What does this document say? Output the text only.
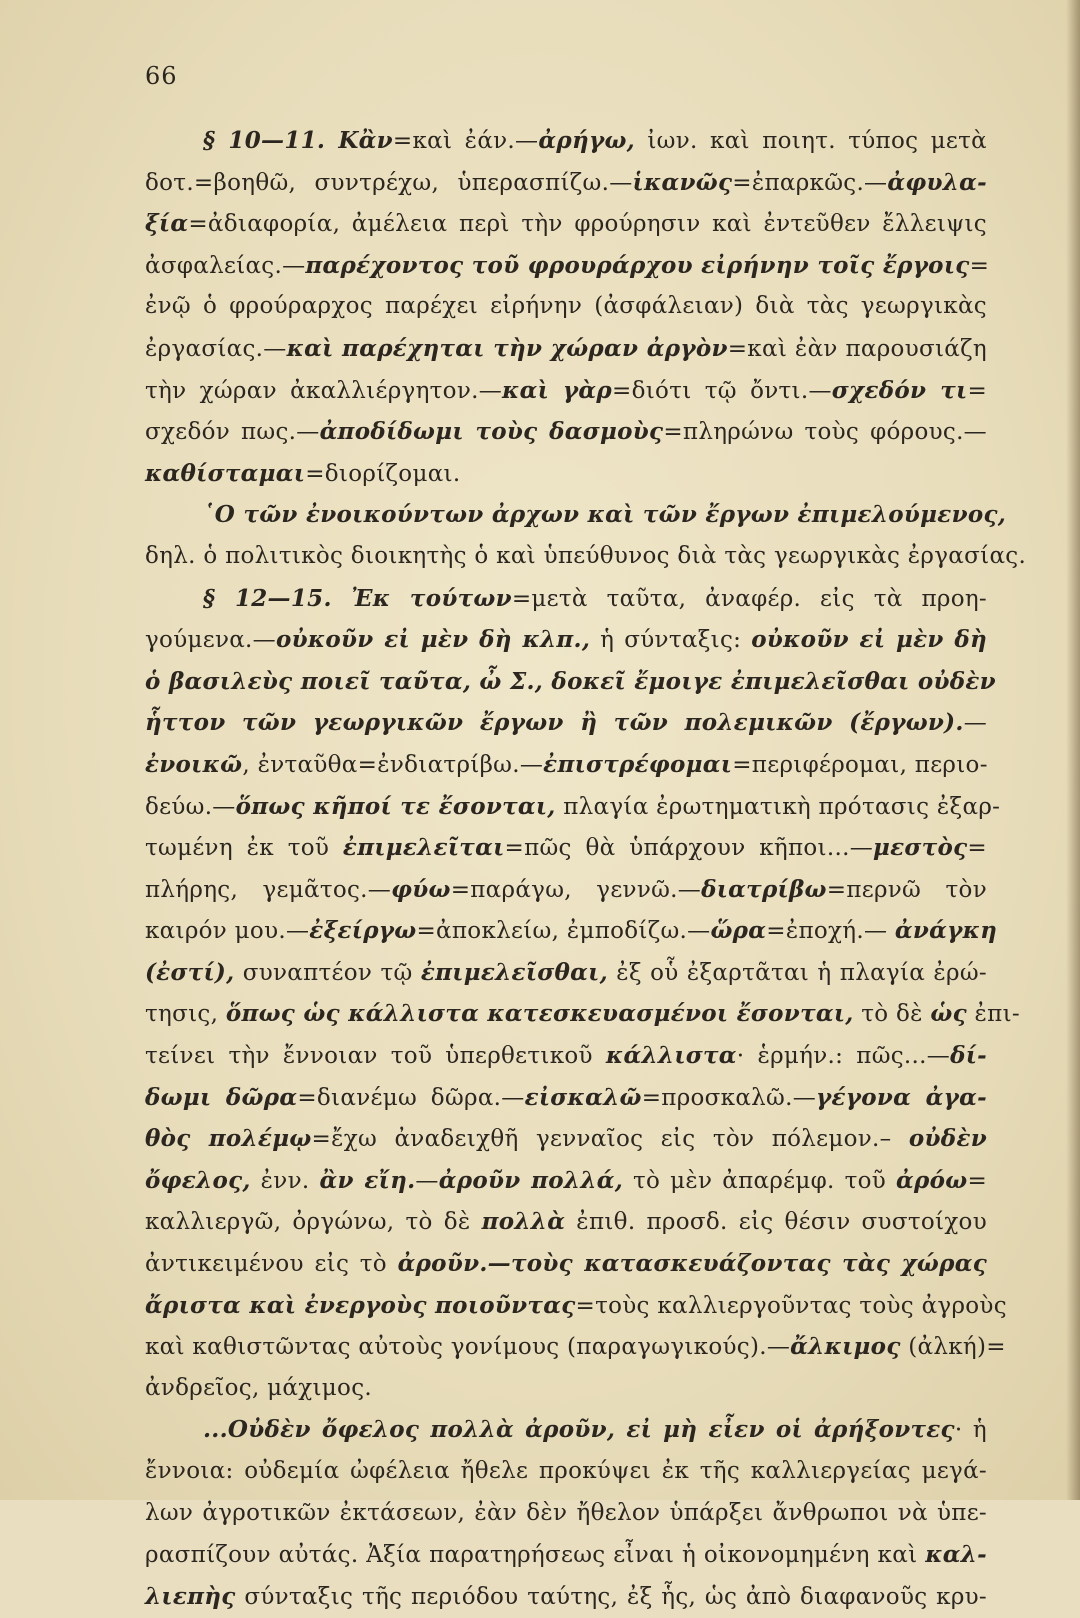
66
§ 10—11. Κἂν=καὶ ἐάν.—ἀρήγω, ἰων. καὶ ποιητ. τύπος μετὰ
δοτ.=βοηθῶ, συντρέχω, ὑπερασπίζω.—ἱκανῶς=ἐπαρκῶς.—ἀφυλα-
ξία=ἀδιαφορία, ἀμέλεια περὶ τὴν φρούρησιν καὶ ἐντεῦθεν ἔλλειψις
ἀσφαλείας.—παρέχοντος τοῦ φρουράρχου εἰρήνην τοῖς ἔργοις=
ἐνῷ ὁ φρούραρχος παρέχει εἰρήνην (ἀσφάλειαν) διὰ τὰς γεωργικὰς
ἐργασίας.—καὶ παρέχηται τὴν χώραν ἀργὸν=καὶ ἐὰν παρουσιάζη
τὴν χώραν ἀκαλλιέργητον.—καὶ γὰρ=διότι τῷ ὄντι.—σχεδόν τι=
σχεδόν πως.—ἀποδίδωμι τοὺς δασμοὺς=πληρώνω τοὺς φόρους.—
καθίσταμαι=διορίζομαι.
῾Ο τῶν ἐνοικούντων ἀρχων καὶ τῶν ἔργων ἐπιμελούμενος,
δηλ. ὁ πολιτικὸς διοικητὴς ὁ καὶ ὑπεύθυνος διὰ τὰς γεωργικὰς ἐργασίας.
§ 12—15. Ἐκ τούτων=μετὰ ταῦτα, ἀναφέρ. εἰς τὰ προη-
γούμενα.—οὐκοῦν εἰ μὲν δὴ κλπ., ἡ σύνταξις: οὐκοῦν εἰ μὲν δὴ
ὁ βασιλεὺς ποιεῖ ταῦτα, ὦ Σ., δοκεῖ ἔμοιγε ἐπιμελεῖσθαι οὐδὲν
ἧττον τῶν γεωργικῶν ἔργων ἢ τῶν πολεμικῶν (ἔργων).—
ἐνοικῶ, ἐνταῦθα=ἐνδιατρίβω.—ἐπιστρέφομαι=περιφέρομαι, περιο-
δεύω.—ὅπως κῆποί τε ἔσονται, πλαγία ἐρωτηματικὴ πρότασις ἐξαρ-
τωμένη ἐκ τοῦ ἐπιμελεῖται=πῶς θὰ ὑπάρχουν κῆποι...—μεστὸς=
πλήρης, γεμᾶτος.—φύω=παράγω, γεννῶ.—διατρίβω=περνῶ τὸν
καιρόν μου.—ἐξείργω=ἀποκλείω, ἐμποδίζω.—ὥρα=ἐποχή.— ἀνάγκη
(ἐστί), συναπτέον τῷ ἐπιμελεῖσθαι, ἐξ οὗ ἐξαρτᾶται ἡ πλαγία ἐρώ-
τησις, ὅπως ὡς κάλλιστα κατεσκευασμένοι ἔσονται, τὸ δὲ ὡς ἐπι-
τείνει τὴν ἔννοιαν τοῦ ὑπερθετικοῦ κάλλιστα· ἑρμήν.: πῶς...—δί-
δωμι δῶρα=διανέμω δῶρα.—εἰσκαλῶ=προσκαλῶ.—γέγονα ἀγα-
θὸς πολέμῳ=ἔχω ἀναδειχθῆ γενναῖος εἰς τὸν πόλεμον.– οὐδὲν
ὄφελος, ἐνν. ἂν εἴη.—ἀροῦν πολλά, τὸ μὲν ἀπαρέμφ. τοῦ ἀρόω=
καλλιεργῶ, ὀργώνω, τὸ δὲ πολλὰ ἐπιθ. προσδ. εἰς θέσιν συστοίχου
ἀντικειμένου εἰς τὸ ἀροῦν.—τοὺς κατασκευάζοντας τὰς χώρας
ἄριστα καὶ ἐνεργοὺς ποιοῦντας=τοὺς καλλιεργοῦντας τοὺς ἀγροὺς
καὶ καθιστῶντας αὐτοὺς γονίμους (παραγωγικούς).—ἄλκιμος (ἀλκή)=
ἀνδρεῖος, μάχιμος.
...Οὐδὲν ὄφελος πολλὰ ἀροῦν, εἰ μὴ εἶεν οἱ ἀρήξοντες· ἡ
ἔννοια: οὐδεμία ὠφέλεια ἤθελε προκύψει ἐκ τῆς καλλιεργείας μεγά-
λων ἀγροτικῶν ἐκτάσεων, ἐὰν δὲν ἤθελον ὑπάρξει ἄνθρωποι νὰ ὑπε-
ρασπίζουν αὐτάς. Ἀξία παρατηρήσεως εἶναι ἡ οἰκονομημένη καὶ καλ-
λιεπὴς σύνταξις τῆς περιόδου ταύτης, ἐξ ἧς, ὡς ἀπὸ διαφανοῦς κρυ-
